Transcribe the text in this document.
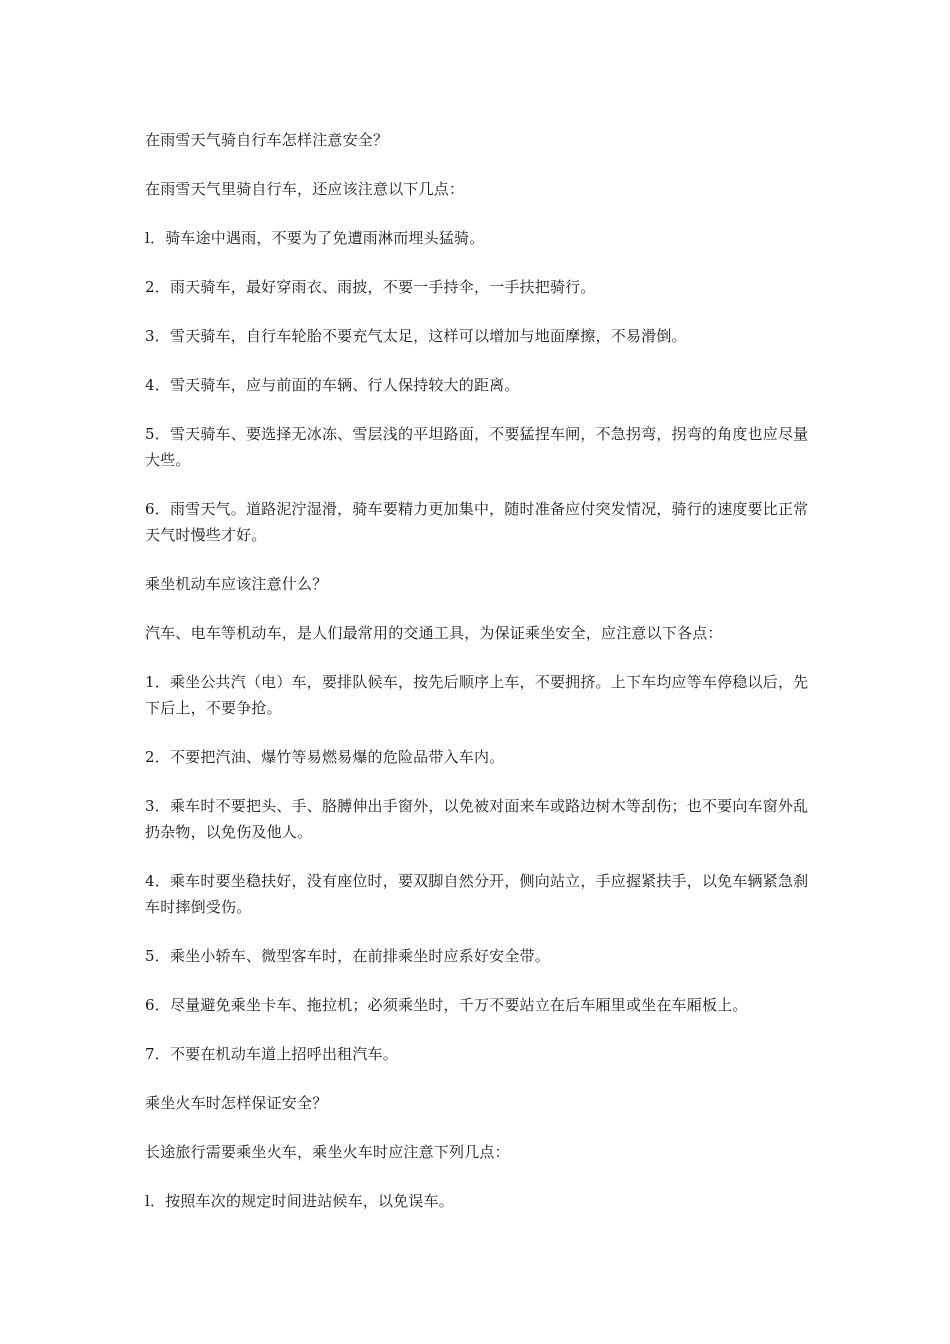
在雨雪天气骑自行车怎样注意安全？

在雨雪天气里骑自行车，还应该注意以下几点：

l．骑车途中遇雨，不要为了免遭雨淋而埋头猛骑。

2．雨天骑车，最好穿雨衣、雨披，不要一手持伞，一手扶把骑行。

3．雪天骑车，自行车轮胎不要充气太足，这样可以增加与地面摩擦，不易滑倒。

4．雪天骑车，应与前面的车辆、行人保持较大的距离。

5．雪天骑车、要选择无冰冻、雪层浅的平坦路面，不要猛捏车闸，不急拐弯，拐弯的角度也应尽量大些。

6．雨雪天气。道路泥泞湿滑，骑车要精力更加集中，随时准备应付突发情况，骑行的速度要比正常天气时慢些才好。

乘坐机动车应该注意什么？

汽车、电车等机动车，是人们最常用的交通工具，为保证乘坐安全，应注意以下各点：

1．乘坐公共汽（电）车，要排队候车，按先后顺序上车，不要拥挤。上下车均应等车停稳以后，先下后上，不要争抢。

2．不要把汽油、爆竹等易燃易爆的危险品带入车内。

3．乘车时不要把头、手、胳膊伸出手窗外，以免被对面来车或路边树木等刮伤；也不要向车窗外乱扔杂物，以免伤及他人。

4．乘车时要坐稳扶好，没有座位时，要双脚自然分开，侧向站立，手应握紧扶手，以免车辆紧急刹车时摔倒受伤。

5．乘坐小轿车、微型客车时，在前排乘坐时应系好安全带。

6．尽量避免乘坐卡车、拖拉机；必须乘坐时，千万不要站立在后车厢里或坐在车厢板上。

7．不要在机动车道上招呼出租汽车。

乘坐火车时怎样保证安全？

长途旅行需要乘坐火车，乘坐火车时应注意下列几点：

l．按照车次的规定时间进站候车，以免误车。
